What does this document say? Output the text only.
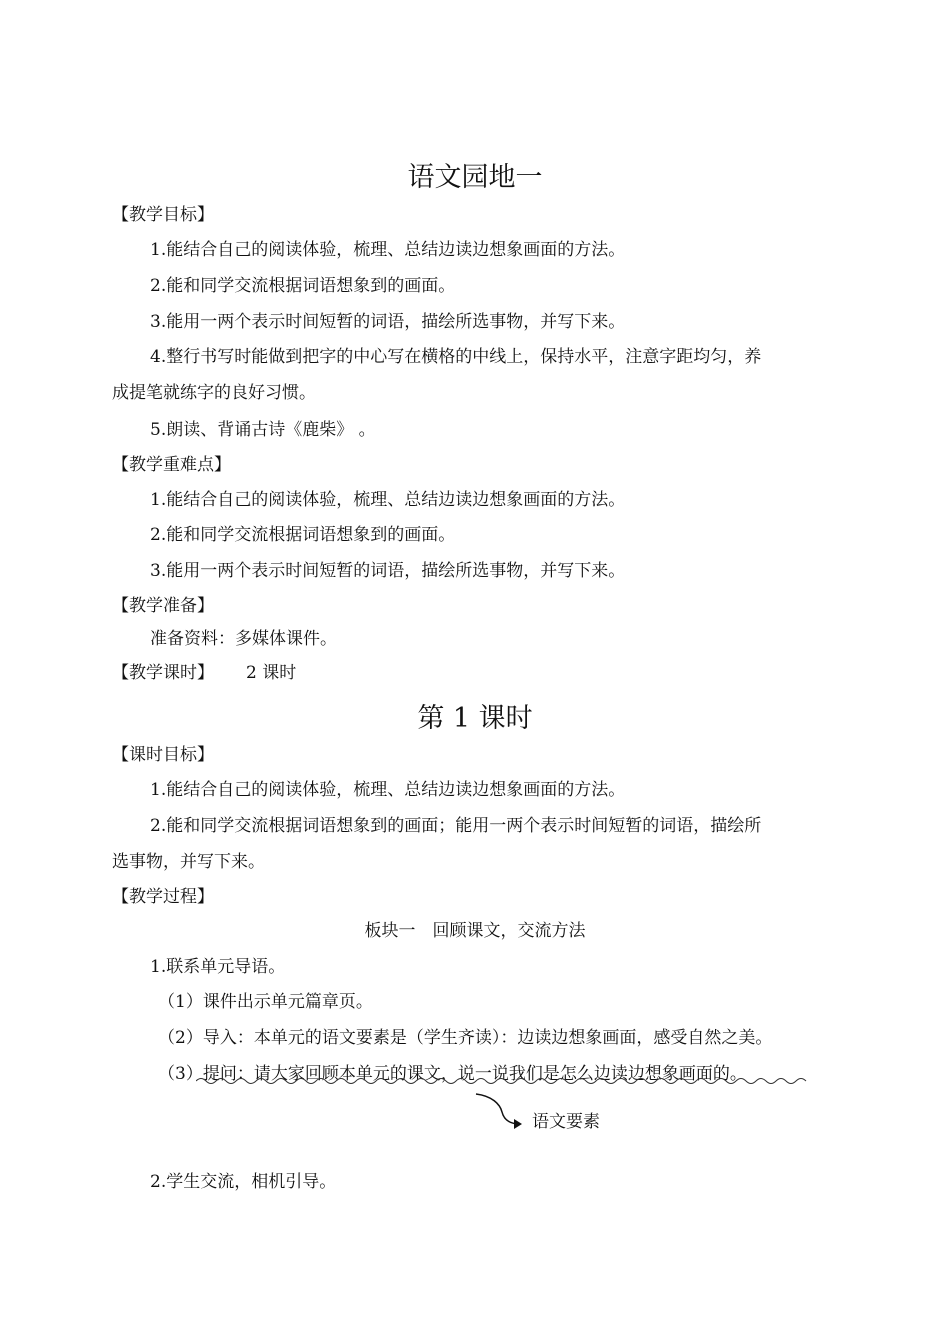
语文园地一

【教学目标】

1.能结合自己的阅读体验，梳理、总结边读边想象画面的方法。

2.能和同学交流根据词语想象到的画面。

3.能用一两个表示时间短暂的词语，描绘所选事物，并写下来。

4.整行书写时能做到把字的中心写在横格的中线上，保持水平，注意字距均匀，养

成提笔就练字的良好习惯。

5.朗读、背诵古诗《鹿柴》 。

【教学重难点】

1.能结合自己的阅读体验，梳理、总结边读边想象画面的方法。

2.能和同学交流根据词语想象到的画面。

3.能用一两个表示时间短暂的词语，描绘所选事物，并写下来。

【教学准备】

准备资料：多媒体课件。

【教学课时】 2 课时

第 1 课时

【课时目标】

1.能结合自己的阅读体验，梳理、总结边读边想象画面的方法。

2.能和同学交流根据词语想象到的画面；能用一两个表示时间短暂的词语，描绘所

选事物，并写下来。

【教学过程】

板块一　回顾课文，交流方法

1.联系单元导语。

（1）课件出示单元篇章页。

（2）导入：本单元的语文要素是（学生齐读）：边读边想象画面，感受自然之美。

（3）提问：请大家回顾本单元的课文，说一说我们是怎么边读边想象画面的。

语文要素

2.学生交流，相机引导。
